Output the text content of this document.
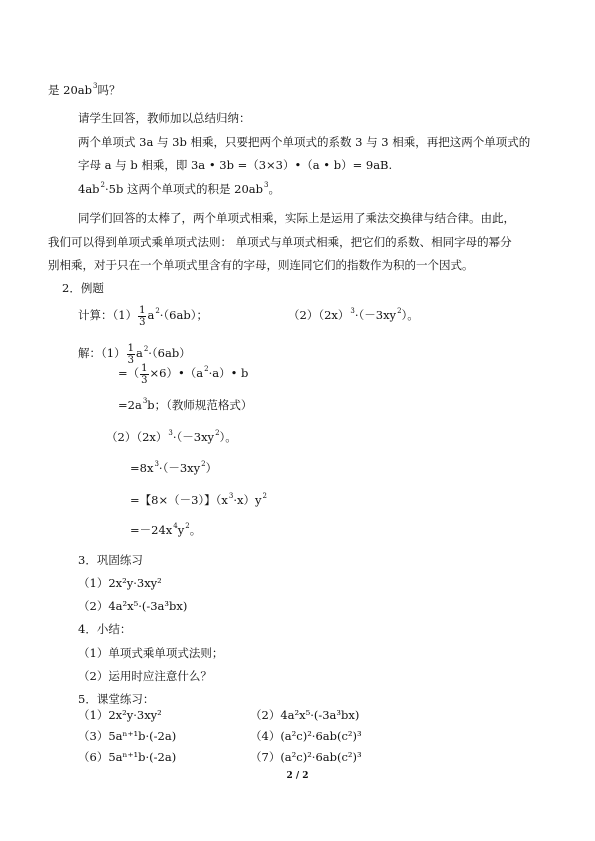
是 $20ab^3$吗？
请学生回答，教师加以总结归纳：
两个单项式 3a 与 3b 相乘，只要把两个单项式的系数 3 与 3 相乘，再把这两个单项式的
字母 a 与 b 相乘，即 3a • 3b =（3×3）•（a • b）= 9aB.
$4ab^2\cdot 5b$ 这两个单项式的积是 $20ab^3$。
同学们回答的太棒了，两个单项式相乘，实际上是运用了乘法交换律与结合律。由此，
我们可以得到单项式乘单项式法则： 单项式与单项式相乘，把它们的系数、相同字母的幂分
别相乘，对于只在一个单项式里含有的字母，则连同它们的指数作为积的一个因式。
2．例题
计算：$(1) \frac{1}{3} a^2\cdot(6ab)$；	$(2)(2x)^3\cdot(-3xy^2)$。
解：$(1) \frac{1}{3} a^2\cdot(6ab)$
=（ $\frac{1}{3}$ $\times 6)•(a^2\cdot a)•$ b
$=2a^3b$；（教师规范格式）
$(2)(2x)^3\cdot(-3xy^2)$。
$=8x^3\cdot(-3xy^2)$
=【8×（－3）】$(x^3\cdot x)y^2$
$=-24x^4y^2$。
3．巩固练习
（1）2x²y·3xy²
（2）4a²x⁵·(-3a³bx)
4．小结：
（1）单项式乘单项式法则；
（2）运用时应注意什么？
5．课堂练习：
（1）2x²y·3xy²	（2）4a²x⁵·(-3a³bx)
（3）5aⁿ⁺¹b·(-2a)	（4）(a²c)²·6ab(c²)³
（6）5aⁿ⁺¹b·(-2a)	（7）(a²c)²·6ab(c²)³
2 / 2
